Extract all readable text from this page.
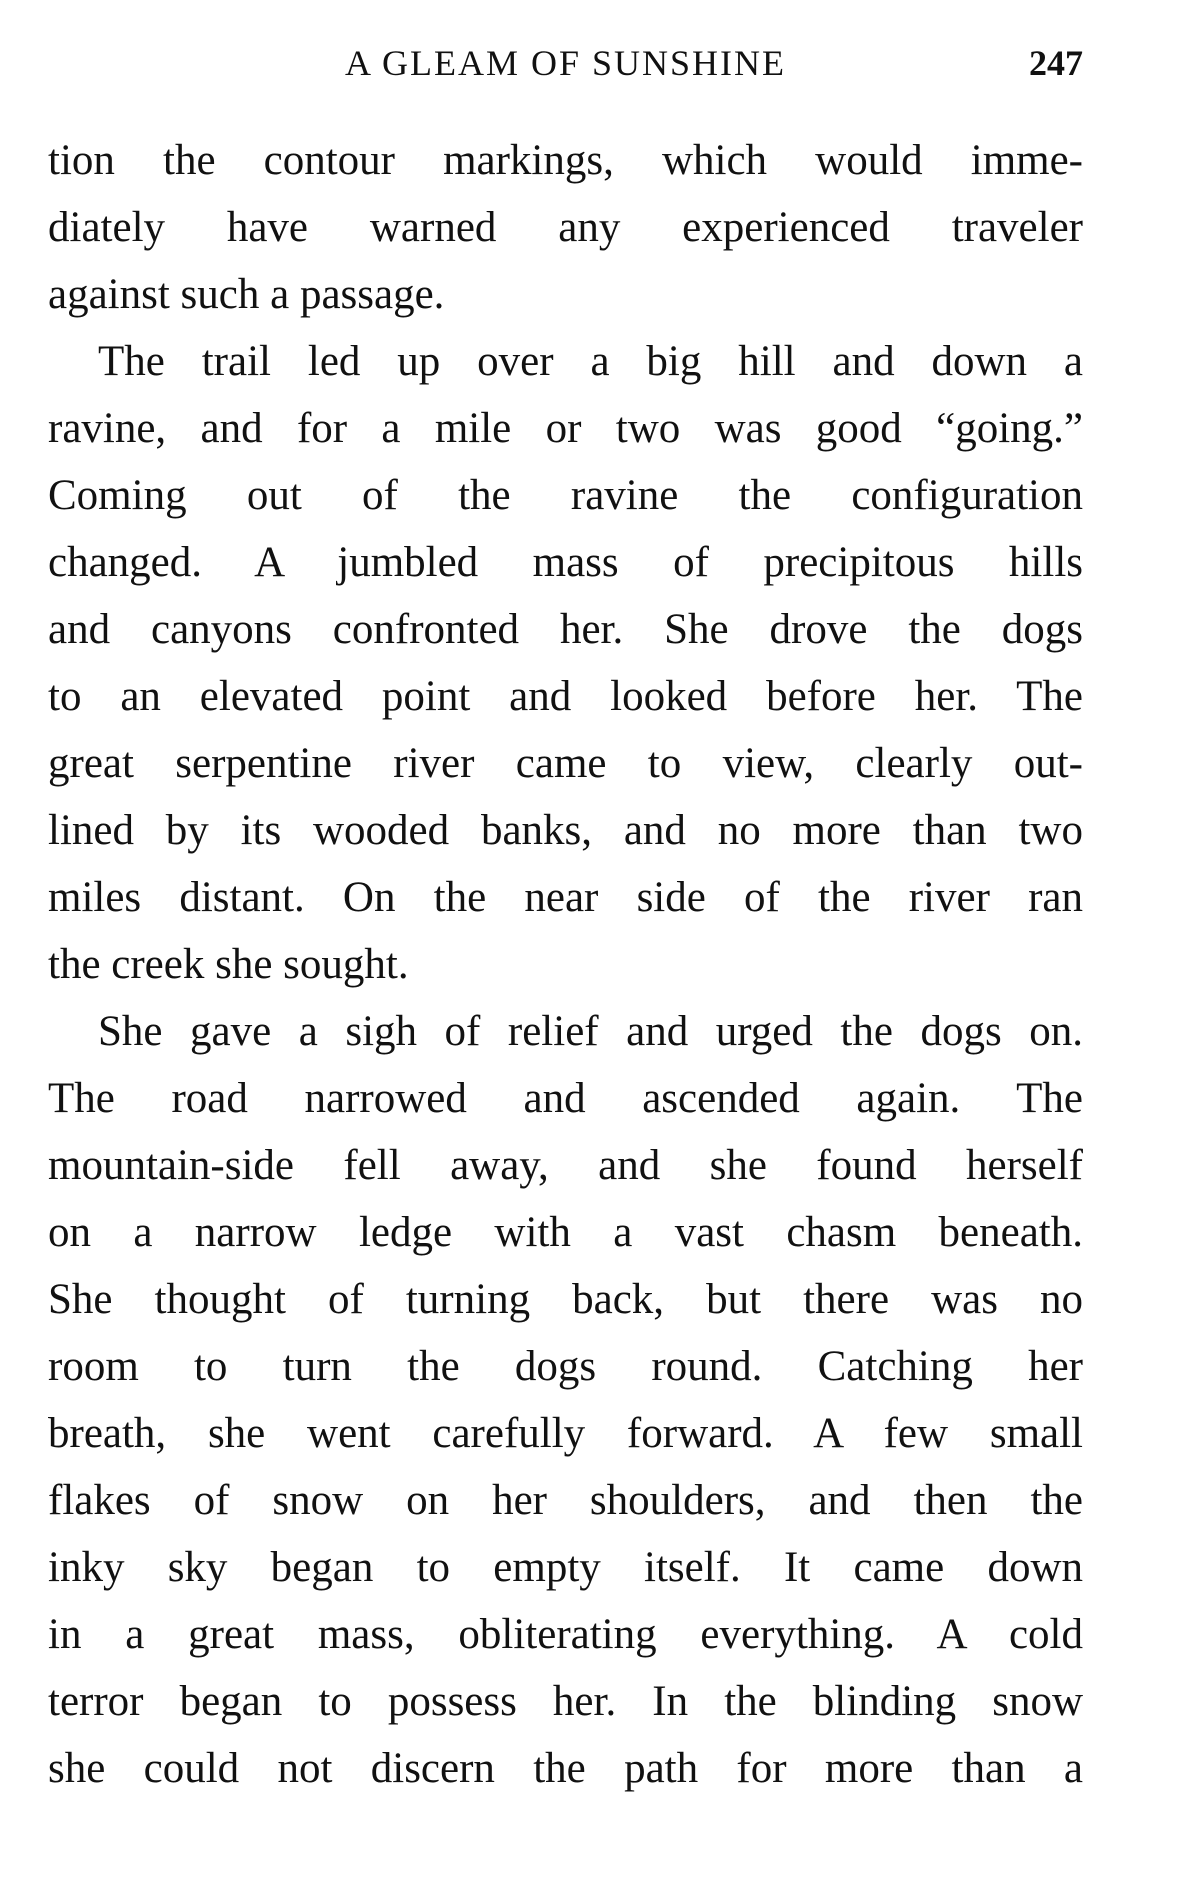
A GLEAM OF SUNSHINE	247
tion the contour markings, which would imme-
diately have warned any experienced traveler
against such a passage.
The trail led up over a big hill and down a
ravine, and for a mile or two was good “going.”
Coming out of the ravine the configuration
changed. A jumbled mass of precipitous hills
and canyons confronted her. She drove the dogs
to an elevated point and looked before her. The
great serpentine river came to view, clearly out-
lined by its wooded banks, and no more than two
miles distant. On the near side of the river ran
the creek she sought.
She gave a sigh of relief and urged the dogs on.
The road narrowed and ascended again. The
mountain-side fell away, and she found herself
on a narrow ledge with a vast chasm beneath.
She thought of turning back, but there was no
room to turn the dogs round. Catching her
breath, she went carefully forward. A few small
flakes of snow on her shoulders, and then the
inky sky began to empty itself. It came down
in a great mass, obliterating everything. A cold
terror began to possess her. In the blinding snow
she could not discern the path for more than a
